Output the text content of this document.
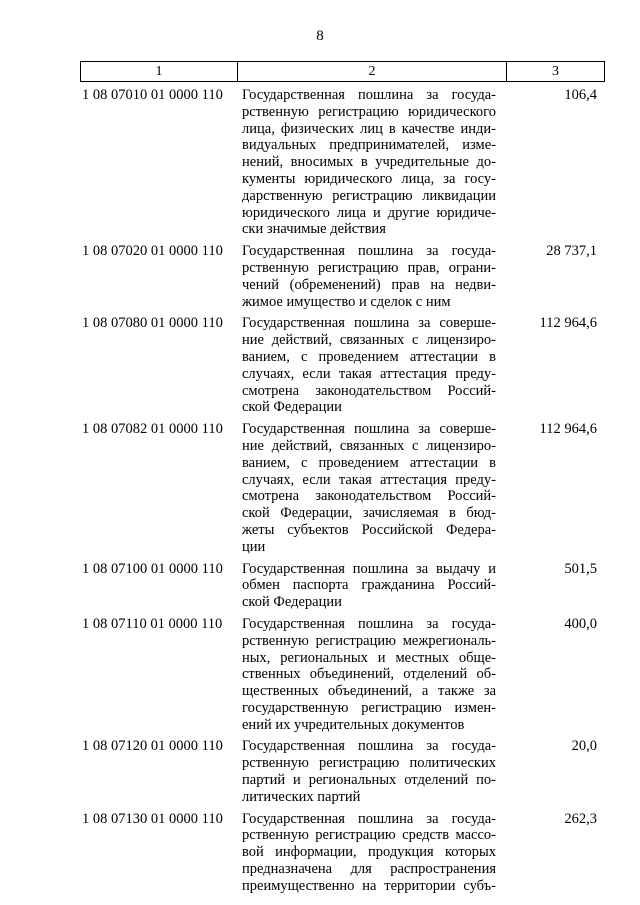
8
1	2	3
1 08 07010 01 0000 110	Государственная пошлина за госуда-
рственную регистрацию юридического
лица, физических лиц в качестве инди-
видуальных предпринимателей, изме-
нений, вносимых в учредительные до-
кументы юридического лица, за госу-
дарственную регистрацию ликвидации
юридического лица и другие юридиче-
ски значимые действия
106,4
1 08 07020 01 0000 110	Государственная пошлина за госуда-
рственную регистрацию прав, ограни-
чений (обременений) прав на недви-
жимое имущество и сделок с ним
28 737,1
1 08 07080 01 0000 110	Государственная пошлина за соверше-
ние действий, связанных с лицензиро-
ванием, с проведением аттестации в
случаях, если такая аттестация преду-
смотрена законодательством Россий-
ской Федерации
112 964,6
1 08 07082 01 0000 110	Государственная пошлина за соверше-
ние действий, связанных с лицензиро-
ванием, с проведением аттестации в
случаях, если такая аттестация преду-
смотрена законодательством Россий-
ской Федерации, зачисляемая в бюд-
жеты субъектов Российской Федера-
ции
112 964,6
1 08 07100 01 0000 110	Государственная пошлина за выдачу и
обмен паспорта гражданина Россий-
ской Федерации
501,5
1 08 07110 01 0000 110	Государственная пошлина за госуда-
рственную регистрацию межрегиональ-
ных, региональных и местных обще-
ственных объединений, отделений об-
щественных объединений, а также за
государственную регистрацию измен-
ений их учредительных документов
400,0
1 08 07120 01 0000 110	Государственная пошлина за госуда-
рственную регистрацию политических
партий и региональных отделений по-
литических партий
20,0
1 08 07130 01 0000 110	Государственная пошлина за госуда-
рственную регистрацию средств массо-
вой информации, продукция которых
предназначена для распространения
преимущественно на территории субъ-
262,3
